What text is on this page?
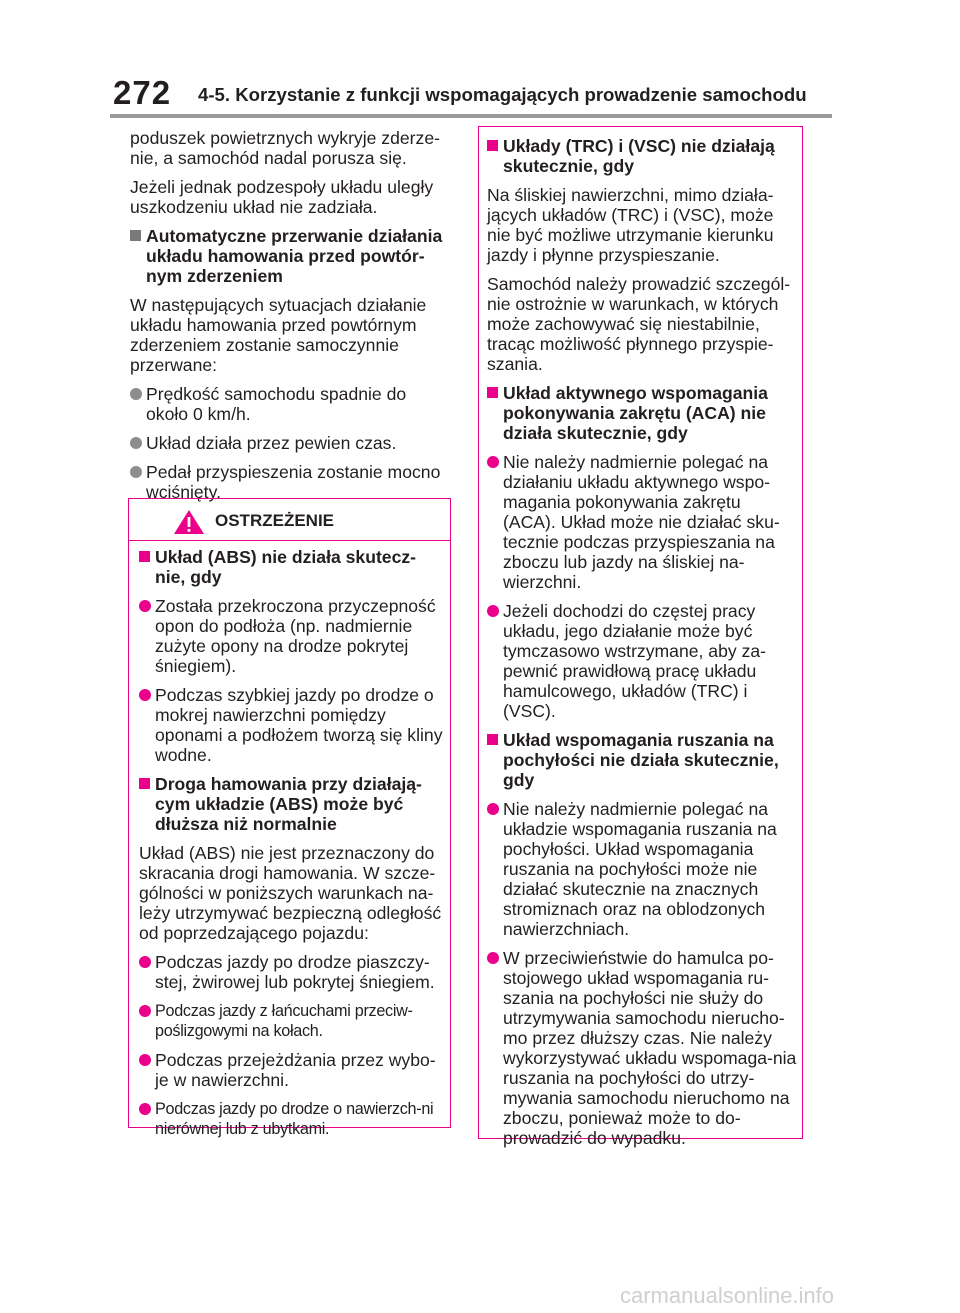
272 4-5. Korzystanie z funkcji wspomagających prowadzenie samochodu

poduszek powietrznych wykryje zderze-nie, a samochód nadal porusza się.

Jeżeli jednak podzespoły układu uległy uszkodzeniu układ nie zadziała.

Automatyczne przerwanie działania układu hamowania przed powtór-nym zderzeniem

W następujących sytuacjach działanie układu hamowania przed powtórnym zderzeniem zostanie samoczynnie przerwane:

Prędkość samochodu spadnie do około 0 km/h.
Układ działa przez pewien czas.
Pedał przyspieszenia zostanie mocno wciśnięty.
OSTRZEŻENIE
Układ (ABS) nie działa skutecz-nie, gdy
Została przekroczona przyczepność opon do podłoża (np. nadmiernie zużyte opony na drodze pokrytej śniegiem).
Podczas szybkiej jazdy po drodze o mokrej nawierzchni pomiędzy oponami a podłożem tworzą się kliny wodne.
Droga hamowania przy działają-cym układzie (ABS) może być dłuższa niż normalnie

Układ (ABS) nie jest przeznaczony do skracania drogi hamowania. W szcze-gólności w poniższych warunkach na-leży utrzymywać bezpieczną odległość od poprzedzającego pojazdu:

Podczas jazdy po drodze piaszczy-stej, żwirowej lub pokrytej śniegiem.
Podczas jazdy z łańcuchami przeciw-poślizgowymi na kołach.
Podczas przejeżdżania przez wybo-je w nawierzchni.
Podczas jazdy po drodze o nawierzch-ni nierównej lub z ubytkami.
Układy (TRC) i (VSC) nie działają skutecznie, gdy

Na śliskiej nawierzchni, mimo działa-jących układów (TRC) i (VSC), może nie być możliwe utrzymanie kierunku jazdy i płynne przyspieszanie.

Samochód należy prowadzić szczegól-nie ostrożnie w warunkach, w których może zachowywać się niestabilnie, tracąc możliwość płynnego przyspie-szania.

Układ aktywnego wspomagania pokonywania zakrętu (ACA) nie działa skutecznie, gdy
Nie należy nadmiernie polegać na działaniu układu aktywnego wspo-magania pokonywania zakrętu (ACA). Układ może nie działać sku-tecznie podczas przyspieszania na zboczu lub jazdy na śliskiej na-wierzchni.
Jeżeli dochodzi do częstej pracy układu, jego działanie może być tymczasowo wstrzymane, aby za-pewnić prawidłową pracę układu hamulcowego, układów (TRC) i (VSC).
Układ wspomagania ruszania na pochyłości nie działa skutecznie, gdy
Nie należy nadmiernie polegać na układzie wspomagania ruszania na pochyłości. Układ wspomagania ruszania na pochyłości może nie działać skutecznie na znacznych stromiznach oraz na oblodzonych nawierzchniach.
W przeciwieństwie do hamulca po-stojowego układ wspomagania ru-szania na pochyłości nie służy do utrzymywania samochodu nierucho-mo przez dłuższy czas. Nie należy wykorzystywać układu wspomaga-nia ruszania na pochyłości do utrzy-mywania samochodu nieruchomo na zboczu, ponieważ może to do-prowadzić do wypadku.
carmanualsonline.info
